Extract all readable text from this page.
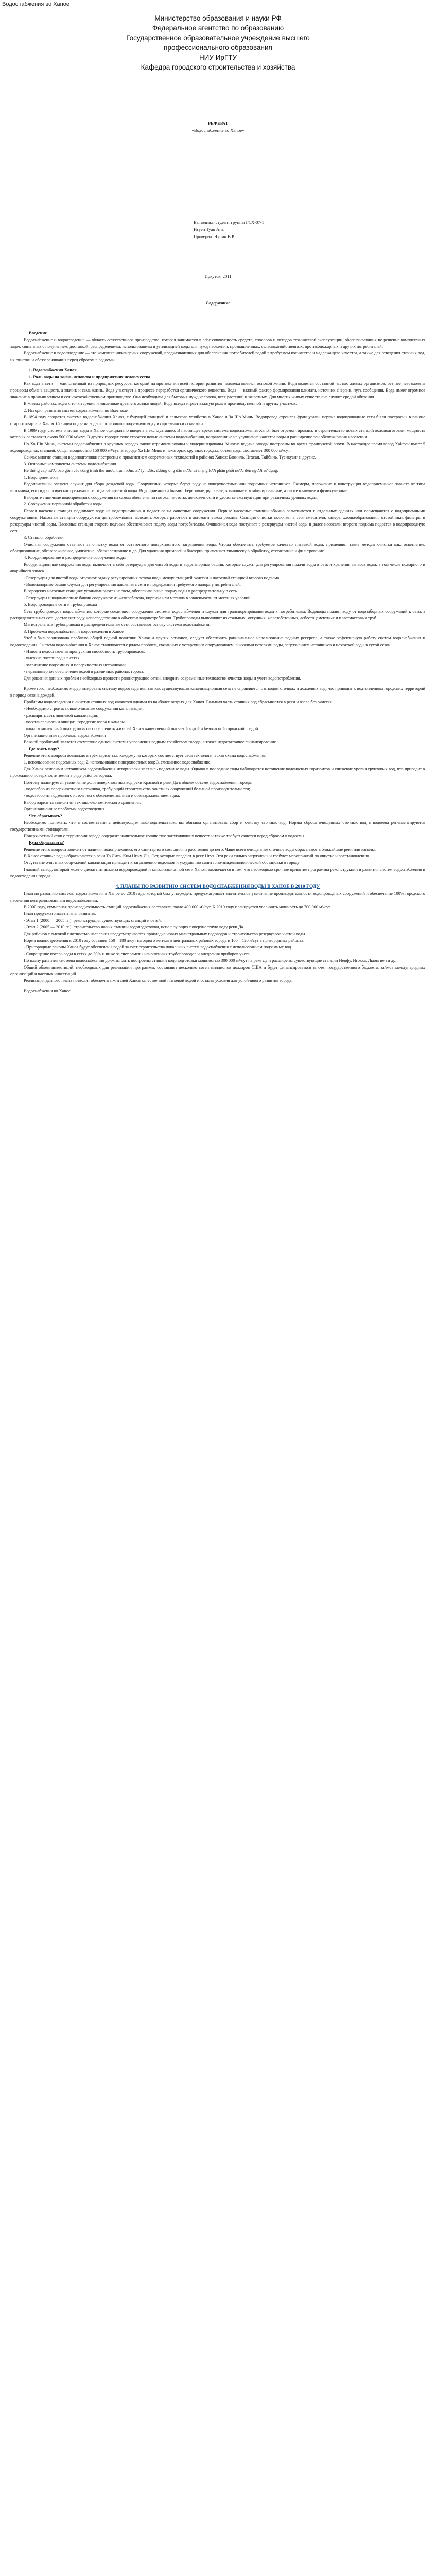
Водоснабжения во Ханое
Министерство образования и науки РФ
Федеральное агентство по образованию
Государственное образовательное учреждение высшего
профессионального образования
НИУ ИрГТУ
Кафедра городского строительства и хозяйства
РЕФЕРАТ
«Водоснабжение во Ханое»
Выполнил: студент группы ГСХ-07-1
Нгуен Туан Ань
Проверил: Чупин В.Р.
Иркутск, 2011
Содержание

Введение

Водоснабжение и водоотведение — область естественного производства, которая занимается в себе совокупность средств, способов и методов технической эксплуатации, обеспечивающих не решение комплексных задач, связанных с получением, доставкой, распределением, использованием и утилизацией воды для нужд населения, промышленных, сельскохозяйственных, противопожарных и других потребителей.

Водоснабжение и водоотведение — это комплекс инженерных сооружений, предназначенных для обеспечения потребителей водой в требуемом количестве и надлежащего качества, а также для отведения сточных вод, их очистки и обеззараживания перед сбросом в водоемы.

1. Водоснабжения Ханоя

1. Роль воды на жизнь человека и предприятиях человечества

Как вода в сети — единственный из природных ресурсов, который на протяжении всей истории развития человека являлся основой жизни. Вода является составной частью живых организмов, без нее невозможны процессы обмена веществ, а значит, и сама жизнь. Вода участвует в процессе переработки органического вещества. Вода — важный фактор формирования климата, источник энергии, путь сообщения. Вода имеет огромное значение в промышленном и сельскохозяйственном производстве. Она необходима для бытовых нужд человека, всех растений и животных. Для многих живых существ она служит средой обитания.

В жилых районах, воды с точки зрения и лишенные древнего жилья людей. Вода всегда играет важную роль в производственной и других участков.

2. История развития систем водоснабжения во Вьетнаме

В 1894 году создается система водоснабжения Ханоя, с будущей станцией и сельского хозяйства в Ханое и За Шо Минь. Водопровод строился французами, первые водопроводные сети были построены в районе старого квартала Ханоя. Станции подъема воды использовали подземную воду из артезианских скважин.

В 1999 году, система очистки воды в Ханое официально введена в эксплуатацию. В настоящее время система водоснабжения Ханоя был отремонтирована, и строительство новых станций водоподготовки, мощность которых составляет около 500 000 м³/сут. В других городах тоже строятся новые системы водоснабжения, направленные на улучшение качества воды и расширение зон обслуживания населения.

Но Хо Ши Минь, системы водоснабжения в крупных городах также отремонтированы и модернизированы. Многие водные заводы построены во время французской эпохи. В настоящее время город Хайфон имеет 5 водопроводных станций, общая мощностью 150 000 м³/сут. В городе Хо Ши Минь и некоторых крупных городах, объем воды составляет 300 000 м³/сут.

Сейчас многие станции водоподготовки построены с применением современных технологий в районах Ханоя: Бакниль, Нгхеан, Тайбинь, Туенкуанг и другие.

3. Основные компоненты системы водоснабжения

Hê thống cấp nước bao gồm các công trình thu nước, trạm bơm, xử lý nước, đường ống dẫn nước và mạng lưới phân phối nước đến người sử dụng.

1. Водоприемники

Водоприемный элемент служит для сбора дождевой воды. Сооружения, которые берут воду из поверхностных или подземных источников. Размеры, положение и конструкция водоприемников зависят от типа источника, его гидрологического режима и расхода забираемой воды. Водоприемники бывают береговые, русловые, ковшовые и комбинированные, а также плавучие и фуникулерные.

Выберите типичные водоприемного сооружения на самом обеспечении потока, чистоты, долговечности и удобстве эксплуатации при различных уровнях воды.

2. Сооружения первичной обработки воды

Первая насосная станция поднимает воду из водоприемника и подает ее на очистные сооружения. Первые насосные станции обычно размещаются в отдельных зданиях или совмещаются с водоприемными сооружениями. Насосные станции оборудуются центробежными насосами, которые работают в автоматическом режиме. Станция очистки включает в себя смесители, камеры хлопьеобразования, отстойники, фильтры и резервуары чистой воды. Насосные станции второго подъема обеспечивают подачу воды потребителям. Очищенная вода поступает в резервуары чистой воды и далее насосами второго подъема подается в водопроводную сеть.

3. Станция обработки

Очистная сооружения отвечают за очистку воды от остаточного поверхностного загрязнения воды. Чтобы обеспечить требуемое качество питьевой воды, применяют такие методы очистки как: осветление, обесцвечивание, обеззараживание, умягчение, обезжелезивание и др. Для удаления примесей и бактерий применяют химическую обработку, отстаивание и фильтрование.

4. Координирование и распределение сооружения воды

Координационные сооружения воды включают в себя резервуары для чистой воды и водонапорные башни, которые служат для регулирования подачи воды в сеть и хранения запасов воды, в том числе пожарного и аварийного запаса.

- Резервуары для чистой воды отвечают задачу регулирования потока воды между станцией очистки и насосной станцией второго подъема.

- Водонапорные башни служат для регулирования давления в сети и поддержания требуемого напора у потребителей.

В городских насосных станциях устанавливаются насосы, обеспечивающие подачу воды в распределительную сеть.

- Резервуары и водонапорные башни сооружают из железобетона, кирпича или металла в зависимости от местных условий.

5. Водопроводные сети и трубопроводы

Сеть трубопроводов водоснабжения, которые соединяют сооружения системы водоснабжения и служат для транспортирования воды к потребителям. Водоводы подают воду от водозаборных сооружений к сети, а распределительная сеть доставляет воду непосредственно к объектам водопотребления. Трубопроводы выполняют из стальных, чугунных, железобетонных, асбестоцементных и пластмассовых труб.

Магистральные трубопроводы и распределительные сети составляют основу системы водоснабжения.

3. Проблемы водоснабжения и водоотведения в Ханое

Чтобы был реализована проблема общей водной политики Ханоя и других регионов, следует обеспечить рациональное использование водных ресурсов, а также эффективную работу систем водоснабжения и водоотведения. Система водоснабжения в Ханое сталкивается с рядом проблем, связанных с устаревшим оборудованием, высокими потерями воды, загрязнением источников и нехваткой воды в сухой сезон.

- Износ и недостаточная пропускная способность трубопроводов;

- высокие потери воды в сетях;

- загрязнение подземных и поверхностных источников;

- неравномерное обеспечение водой в различных районах города.

Для решения данных проблем необходимо провести реконструкцию сетей, внедрить современные технологии очистки воды и учета водопотребления.

Кроме того, необходимо модернизировать систему водоотведения, так как существующая канализационная сеть не справляется с отводом сточных и дождевых вод, что приводит к подтоплениям городских территорий в период сезона дождей.

Проблемы водоотведения и очистки сточных вод являются одними из наиболее острых для Ханоя. Большая часть сточных вод сбрасывается в реки и озера без очистки.

- Необходимо строить новые очистные сооружения канализации;

- расширять сеть ливневой канализации;

- восстанавливать и очищать городские озера и каналы.

Только комплексный подход позволит обеспечить жителей Ханоя качественной питьевой водой и безопасной городской средой.

Организационные проблемы водоснабжения

Важной проблемой является отсутствие единой системы управления водным хозяйством города, а также недостаточное финансирование.

Где взять воду?

Решение этого вопроса возможно в трёх вариантах, каждому из которых соответствует своя технологическая схема водоснабжения:

1. использование подземных вод; 2. использование поверхностных вод; 3. смешанное водоснабжение.

Для Ханоя основным источником водоснабжения исторически являлись подземные воды. Однако в последние годы наблюдается истощение водоносных горизонтов и снижение уровня грунтовых вод, что приводит к проседанию поверхности земли в ряде районов города.

Поэтому планируется увеличение доли поверхностных вод реки Красной и реки Да в общем объеме водоснабжения города.

- водозабор из поверхностного источника, требующий строительства очистных сооружений большой производительности;

- водозабор из подземного источника с обезжелезиванием и обеззараживанием воды.

Выбор варианта зависит от технико-экономического сравнения.

Организационные проблемы водоотведения

Что сбрасывать?

Необходимо понимать, что в соответствии с действующим законодательством, вы обязаны организовать сбор и очистку сточных вод. Нормы сброса очищенных сточных вод в водоемы регламентируются государственными стандартами.

Поверхностный сток с территории города содержит значительное количество загрязняющих веществ и также требует очистки перед сбросом в водоемы.

Куда сбрасывать?

Решение этого вопроса зависит от наличия водоприемника, его санитарного состояния и расстояния до него. Чаще всего очищенные сточные воды сбрасывают в ближайшие реки или каналы.

В Ханое сточные воды сбрасываются в реки То Лить, Ким Нгыу, Лы, Сет, которые впадают в реку Нгуэ. Эти реки сильно загрязнены и требуют мероприятий по очистке и восстановлению.

Отсутствие очистных сооружений канализации приводит к загрязнению водоемов и ухудшению санитарно-эпидемиологической обстановки в городе.

Главный вывод, который можно сделать из анализа водопроводной и канализационной сети Ханоя, заключается в том, что необходимо срочное принятие программы реконструкции и развития систем водоснабжения и водоотведения города.

4. ПЛАНЫ ПО РАЗВИТИЮ СИСТЕМ ВОДОСНАБЖЕНИЯ ВОДЫ В ХАНОЕ В 2010 ГОДУ

План по развитию системы водоснабжения в Ханое до 2010 года, который был утвержден, предусматривает значительное увеличение производительности водопроводных сооружений и обеспечение 100% городского населения централизованным водоснабжением.

В 2000 году, суммарная производительность станций водоснабжения составляла около 400 000 м³/сут. К 2010 году планируется увеличить мощность до 700 000 м³/сут.

План предусматривает этапы развития:

- Этап 1 (2000 — 2005 гг.): реконструкция существующих станций и сетей;

- Этап 2 (2005 — 2010 гг.): строительство новых станций водоподготовки, использующих поверхностную воду реки Да.

Для районов с высокой плотностью населения предусматривается прокладка новых магистральных водоводов и строительство резервуаров чистой воды.

Норма водопотребления к 2010 году составит 150 – 180 л/сут на одного жителя в центральных районах города и 100 – 120 л/сут в пригородных районах.

- Пригородные районы Ханоя будут обеспечены водой за счет строительства локальных систем водоснабжения с использованием подземных вод.

- Сокращение потерь воды в сетях до 30% и ниже за счет замены изношенных трубопроводов и внедрения приборов учета.

По плану развития системы водоснабжения должны быть построены станции водоподготовки мощностью 300 000 м³/сут на реке Да и расширены существующие станции Иенфу, Нгокха, Лыонгиен и др.

Общий объем инвестиций, необходимых для реализации программы, составляет несколько сотен миллионов долларов США и будет финансироваться за счет государственного бюджета, займов международных организаций и частных инвестиций.

Реализация данного плана позволит обеспечить жителей Ханоя качественной питьевой водой и создать условия для устойчивого развития города.

Водоснабжения во Ханое
